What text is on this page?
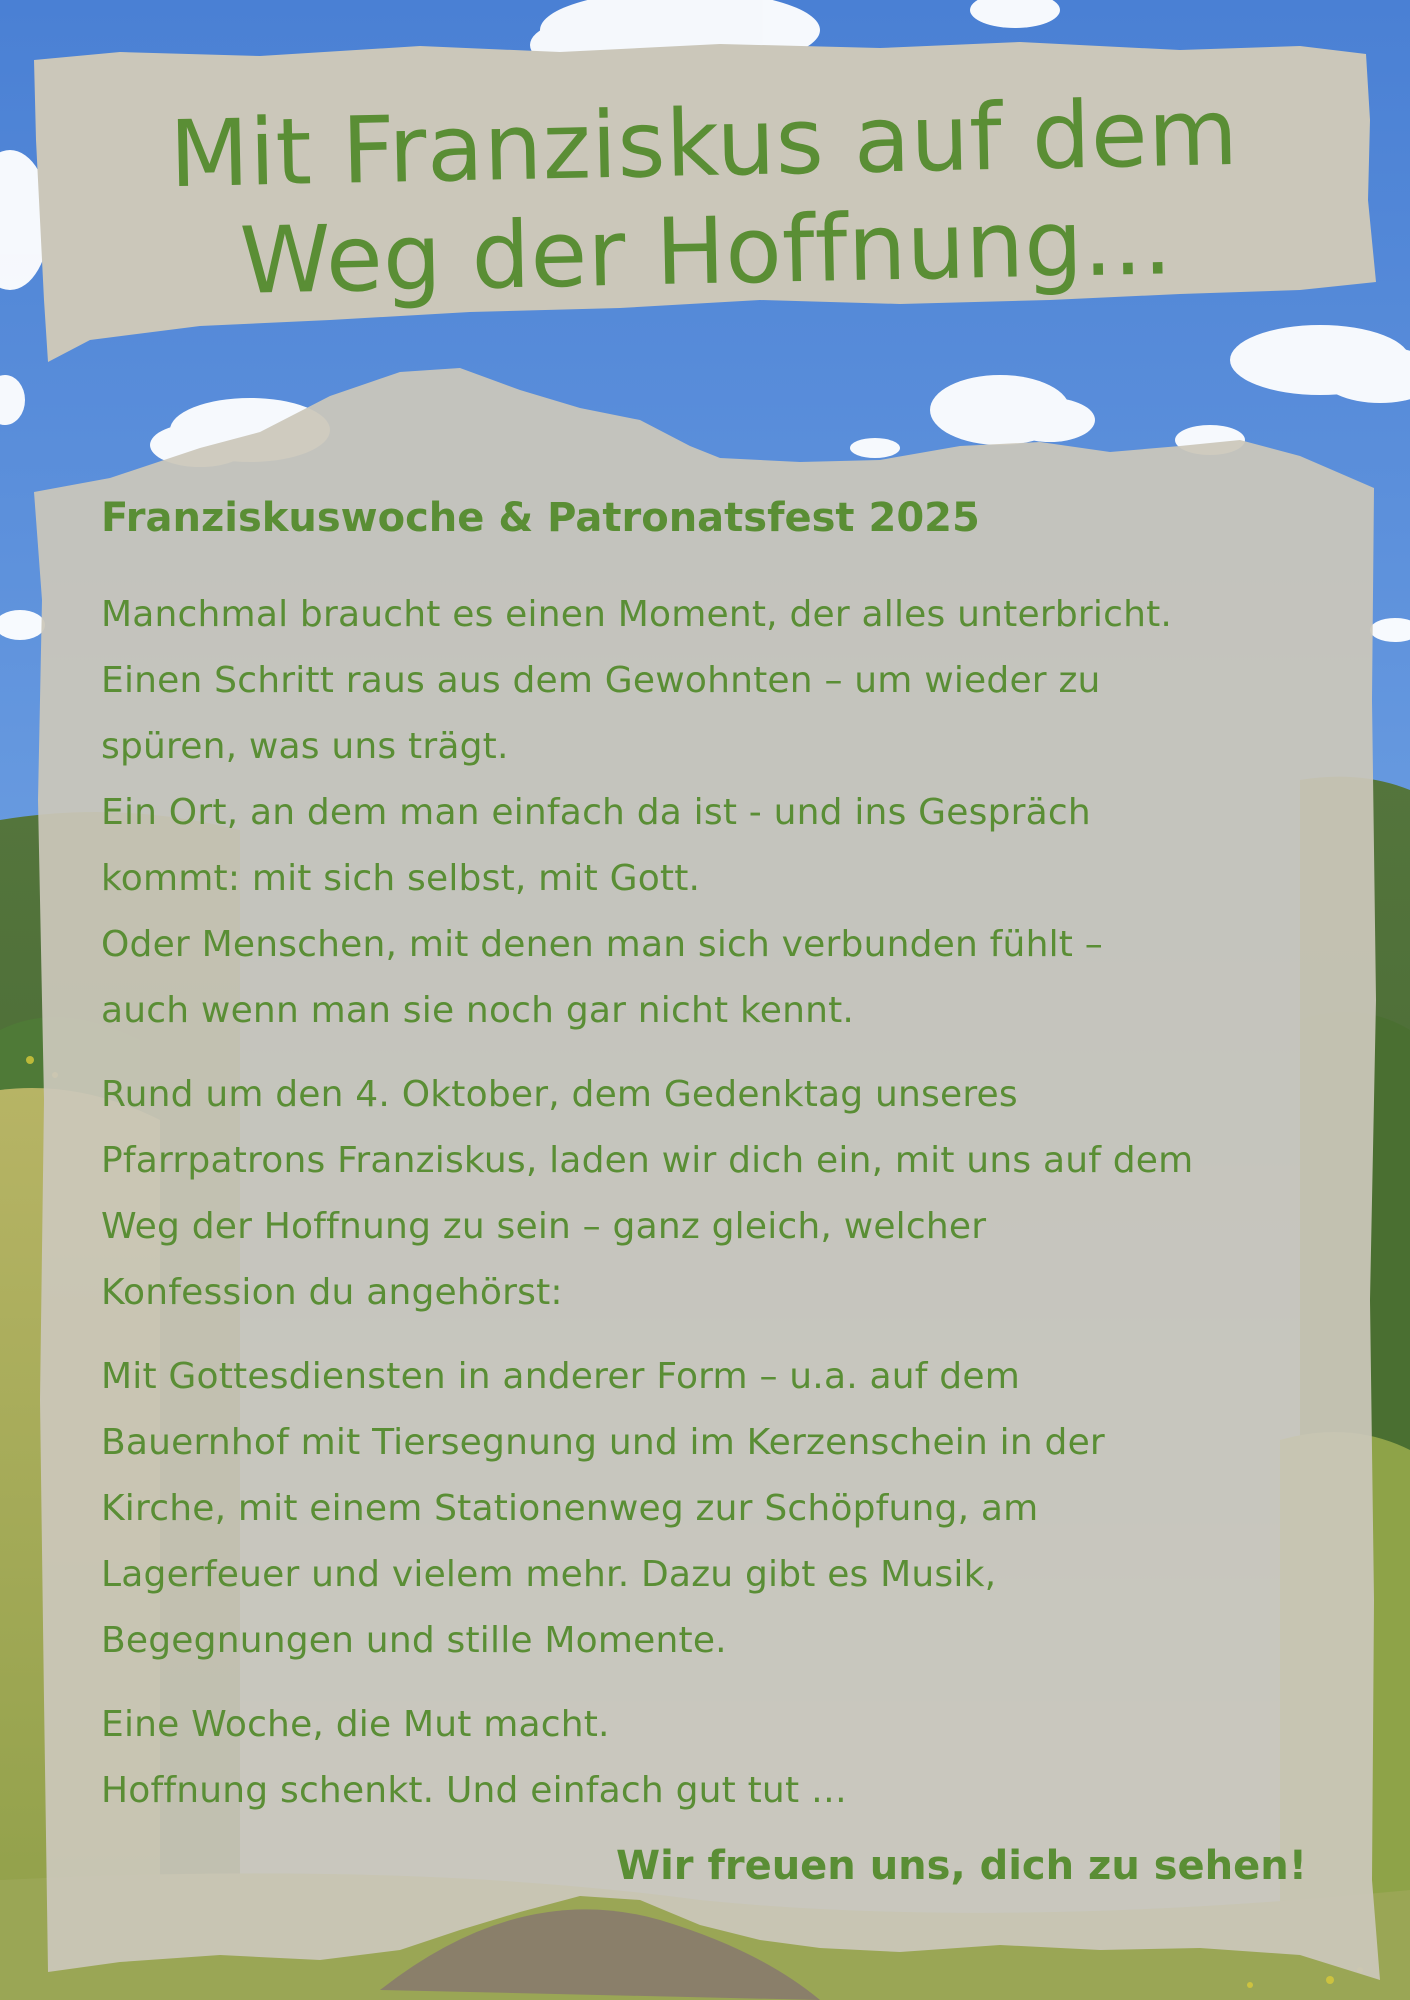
Mit Franziskus auf dem
Weg der Hoffnung...
Franziskuswoche & Patronatsfest 2025

Manchmal braucht es einen Moment, der alles unterbricht.
Einen Schritt raus aus dem Gewohnten – um wieder zu
spüren, was uns trägt.
Ein Ort, an dem man einfach da ist - und ins Gespräch
kommt: mit sich selbst, mit Gott.
Oder Menschen, mit denen man sich verbunden fühlt –
auch wenn man sie noch gar nicht kennt.

Rund um den 4. Oktober, dem Gedenktag unseres
Pfarrpatrons Franziskus, laden wir dich ein, mit uns auf dem
Weg der Hoffnung zu sein – ganz gleich, welcher
Konfession du angehörst:

Mit Gottesdiensten in anderer Form – u.a. auf dem
Bauernhof mit Tiersegnung und im Kerzenschein in der
Kirche, mit einem Stationenweg zur Schöpfung, am
Lagerfeuer und vielem mehr. Dazu gibt es Musik,
Begegnungen und stille Momente.

Eine Woche, die Mut macht.
Hoffnung schenkt. Und einfach gut tut …

Wir freuen uns, dich zu sehen!
